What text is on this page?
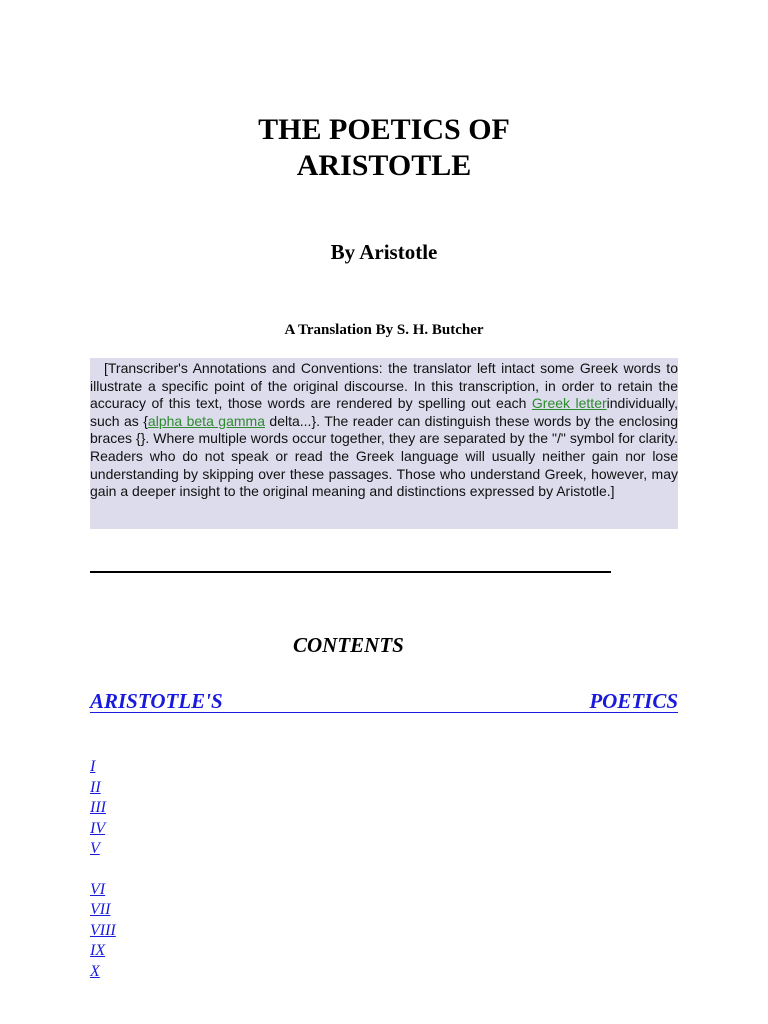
THE POETICS OF
ARISTOTLE
By Aristotle
A Translation By S. H. Butcher

[Transcriber's Annotations and Conventions: the translator left intact some Greek words to illustrate a specific point of the original discourse. In this transcription, in order to retain the accuracy of this text, those words are rendered by spelling out each Greek letterindividually, such as {alpha beta gamma delta...}. The reader can distinguish these words by the enclosing braces {}. Where multiple words occur together, they are separated by the "/" symbol for clarity. Readers who do not speak or read the Greek language will usually neither gain nor lose understanding by skipping over these passages. Those who understand Greek, however, may gain a deeper insight to the original meaning and distinctions expressed by Aristotle.]

CONTENTS
ARISTOTLE'S	POETICS
I
II
III
IV
V
VI
VII
VIII
IX
X
